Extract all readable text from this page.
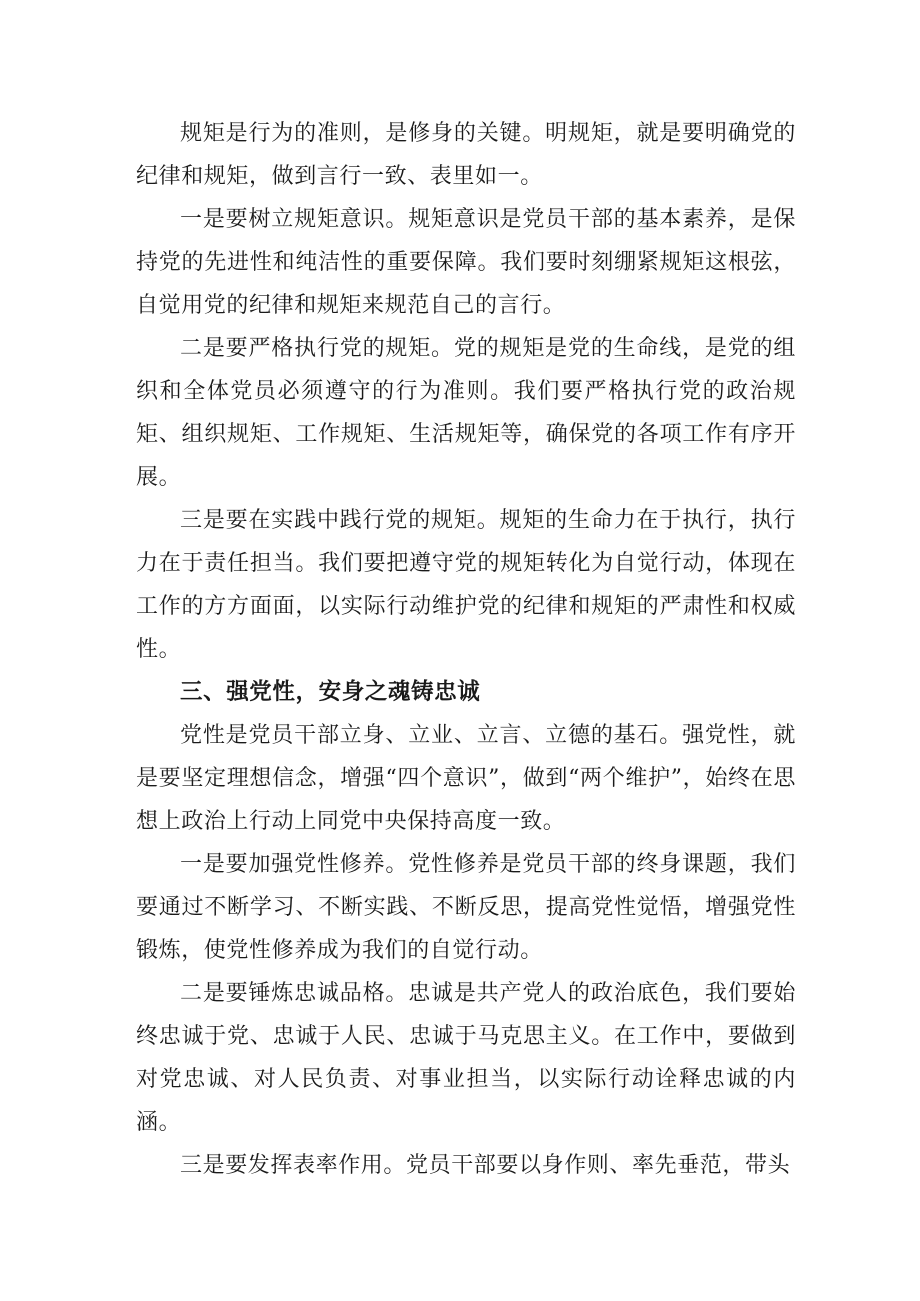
规矩是行为的准则，是修身的关键。明规矩，就是要明确党的纪律和规矩，做到言行一致、表里如一。

一是要树立规矩意识。规矩意识是党员干部的基本素养，是保持党的先进性和纯洁性的重要保障。我们要时刻绷紧规矩这根弦，自觉用党的纪律和规矩来规范自己的言行。

二是要严格执行党的规矩。党的规矩是党的生命线，是党的组织和全体党员必须遵守的行为准则。我们要严格执行党的政治规矩、组织规矩、工作规矩、生活规矩等，确保党的各项工作有序开展。

三是要在实践中践行党的规矩。规矩的生命力在于执行，执行力在于责任担当。我们要把遵守党的规矩转化为自觉行动，体现在工作的方方面面，以实际行动维护党的纪律和规矩的严肃性和权威性。

三、强党性，安身之魂铸忠诚

党性是党员干部立身、立业、立言、立德的基石。强党性，就是要坚定理想信念，增强“四个意识”，做到“两个维护”，始终在思想上政治上行动上同党中央保持高度一致。

一是要加强党性修养。党性修养是党员干部的终身课题，我们要通过不断学习、不断实践、不断反思，提高党性觉悟，增强党性锻炼，使党性修养成为我们的自觉行动。

二是要锤炼忠诚品格。忠诚是共产党人的政治底色，我们要始终忠诚于党、忠诚于人民、忠诚于马克思主义。在工作中，要做到对党忠诚、对人民负责、对事业担当，以实际行动诠释忠诚的内涵。

三是要发挥表率作用。党员干部要以身作则、率先垂范，带头
